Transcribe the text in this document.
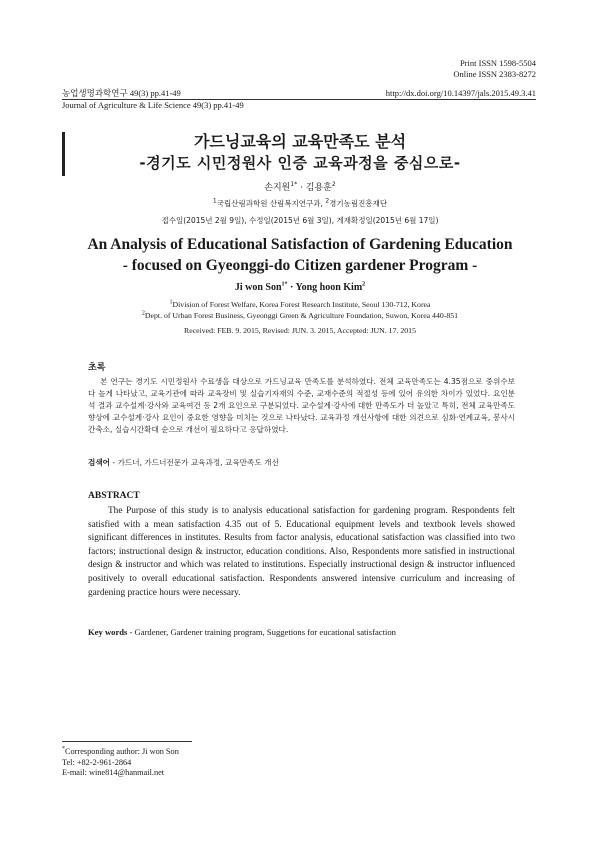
Print ISSN 1598-5504
Online ISSN 2383-8272
농업생명과학연구 49(3) pp.41-49	http://dx.doi.org/10.14397/jals.2015.49.3.41
Journal of Agriculture & Life Science 49(3) pp.41-49
가드닝교육의 교육만족도 분석
-경기도 시민정원사 인증 교육과정을 중심으로-
손지원$^{1*}$ · 김용훈$^2$
$^1$국립산림과학원 산림복지연구과, $^2$경기농림진흥재단
접수일(2015년 2월 9일), 수정일(2015년 6월 3일), 게재확정일(2015년 6월 17일)
An Analysis of Educational Satisfaction of Gardening Education
- focused on Gyeonggi-do Citizen gardener Program -
Ji won Son$^{1*}$ · Yong hoon Kim$^2$
$^1$Division of Forest Welfare, Korea Forest Research Institute, Seoul 130-712, Korea
$^2$Dept. of Urban Forest Business, Gyeonggi Green & Agriculture Foundation, Suwon, Korea 440-851
Received: FEB. 9. 2015, Revised: JUN. 3. 2015, Accepted: JUN. 17. 2015
초록
본 연구는 경기도 시민정원사 수료생을 대상으로 가드닝교육 만족도를 분석하였다. 전체 교육만족도는 4.35점으로 중위수보다 높게 나타났고, 교육기관에 따라 교육장비 및 실습기자재의 수준, 교재수준의 적절성 등에 있어 유의한 차이가 있었다. 요인분석 결과 교수설계·강사와 교육여건 등 2개 요인으로 구분되었다. 교수설계·강사에 대한 만족도가 더 높았고 특히, 전체 교육만족도 향상에 교수설계·강사 요인이 중요한 영향을 미치는 것으로 나타났다. 교육과정 개선사항에 대한 의견으로 심화·연계교육, 봉사시간축소, 실습시간확대 순으로 개선이 필요하다고 응답하였다.
검색어 - 가드너, 가드너전문가 교육과정, 교육만족도 개선
ABSTRACT
The Purpose of this study is to analysis educational satisfaction for gardening program. Respondents felt satisfied with a mean satisfaction 4.35 out of 5. Educational equipment levels and textbook levels showed significant differences in institutes. Results from factor analysis, educational satisfaction was classified into two factors; instructional design & instructor, education conditions. Also, Respondents more satisfied in instructional design & instructor and which was related to institutions. Especially instructional design & instructor influenced positively to overall educational satisfaction. Respondents answered intensive curriculum and increasing of gardening practice hours were necessary.
Key words - Gardener, Gardener training program, Suggetions for eucational satisfaction
*Corresponding author: Ji won Son
Tel: +82-2-961-2864
E-mail: wine814@hanmail.net
